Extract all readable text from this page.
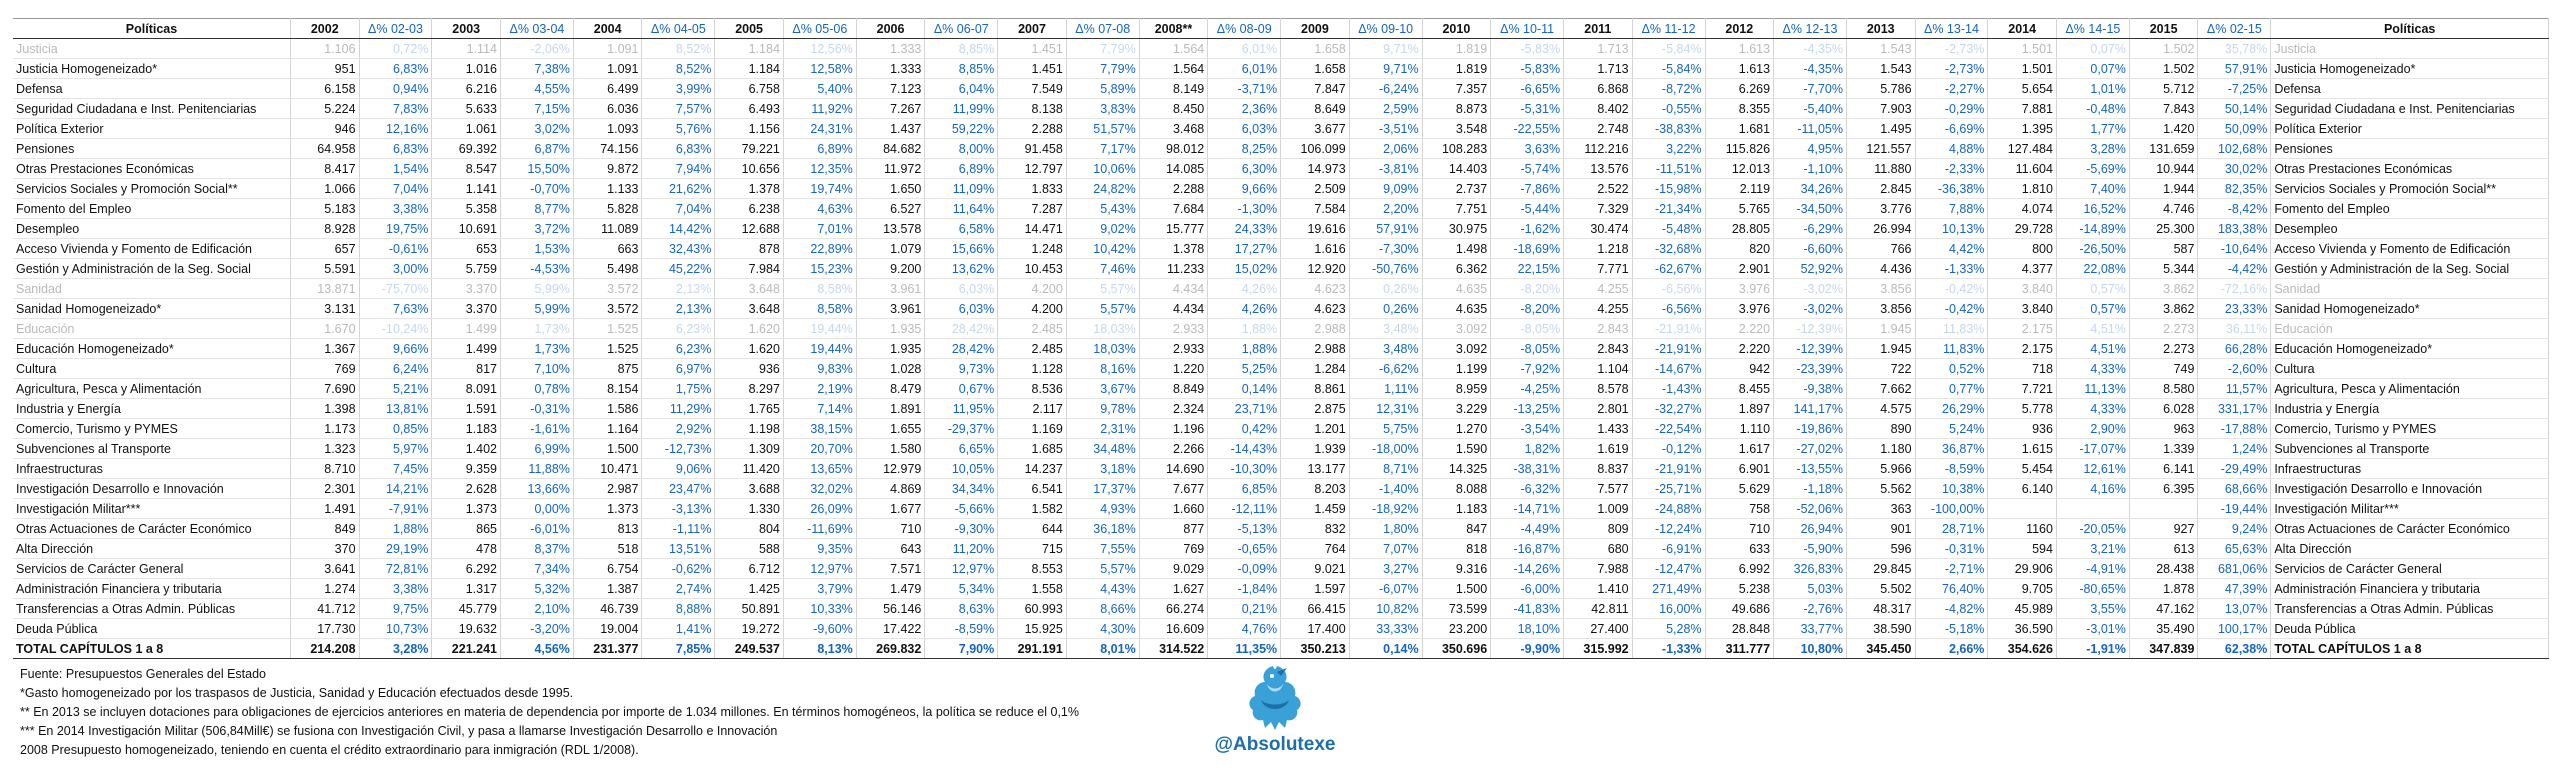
Políticas	2002	Δ% 02-03	2003	Δ% 03-04	2004	Δ% 04-05	2005	Δ% 05-06	2006	Δ% 06-07	2007	Δ% 07-08	2008**	Δ% 08-09	2009	Δ% 09-10	2010	Δ% 10-11	2011	Δ% 11-12	2012	Δ% 12-13	2013	Δ% 13-14	2014	Δ% 14-15	2015	Δ% 02-15	Políticas
Justicia	1.106	0,72%	1.114	-2,06%	1.091	8,52%	1.184	12,56%	1.333	8,85%	1.451	7,79%	1.564	6,01%	1.658	9,71%	1.819	-5,83%	1.713	-5,84%	1.613	-4,35%	1.543	-2,73%	1.501	0,07%	1.502	35,78%	Justicia
Justicia Homogeneizado*	951	6,83%	1.016	7,38%	1.091	8,52%	1.184	12,58%	1.333	8,85%	1.451	7,79%	1.564	6,01%	1.658	9,71%	1.819	-5,83%	1.713	-5,84%	1.613	-4,35%	1.543	-2,73%	1.501	0,07%	1.502	57,91%	Justicia Homogeneizado*
Defensa	6.158	0,94%	6.216	4,55%	6.499	3,99%	6.758	5,40%	7.123	6,04%	7.549	5,89%	8.149	-3,71%	7.847	-6,24%	7.357	-6,65%	6.868	-8,72%	6.269	-7,70%	5.786	-2,27%	5.654	1,01%	5.712	-7,25%	Defensa
Seguridad Ciudadana e Inst. Penitenciarias	5.224	7,83%	5.633	7,15%	6.036	7,57%	6.493	11,92%	7.267	11,99%	8.138	3,83%	8.450	2,36%	8.649	2,59%	8.873	-5,31%	8.402	-0,55%	8.355	-5,40%	7.903	-0,29%	7.881	-0,48%	7.843	50,14%	Seguridad Ciudadana e Inst. Penitenciarias
Política Exterior	946	12,16%	1.061	3,02%	1.093	5,76%	1.156	24,31%	1.437	59,22%	2.288	51,57%	3.468	6,03%	3.677	-3,51%	3.548	-22,55%	2.748	-38,83%	1.681	-11,05%	1.495	-6,69%	1.395	1,77%	1.420	50,09%	Política Exterior
Pensiones	64.958	6,83%	69.392	6,87%	74.156	6,83%	79.221	6,89%	84.682	8,00%	91.458	7,17%	98.012	8,25%	106.099	2,06%	108.283	3,63%	112.216	3,22%	115.826	4,95%	121.557	4,88%	127.484	3,28%	131.659	102,68%	Pensiones
Otras Prestaciones Económicas	8.417	1,54%	8.547	15,50%	9.872	7,94%	10.656	12,35%	11.972	6,89%	12.797	10,06%	14.085	6,30%	14.973	-3,81%	14.403	-5,74%	13.576	-11,51%	12.013	-1,10%	11.880	-2,33%	11.604	-5,69%	10.944	30,02%	Otras Prestaciones Económicas
Servicios Sociales y Promoción Social**	1.066	7,04%	1.141	-0,70%	1.133	21,62%	1.378	19,74%	1.650	11,09%	1.833	24,82%	2.288	9,66%	2.509	9,09%	2.737	-7,86%	2.522	-15,98%	2.119	34,26%	2.845	-36,38%	1.810	7,40%	1.944	82,35%	Servicios Sociales y Promoción Social**
Fomento del Empleo	5.183	3,38%	5.358	8,77%	5.828	7,04%	6.238	4,63%	6.527	11,64%	7.287	5,43%	7.684	-1,30%	7.584	2,20%	7.751	-5,44%	7.329	-21,34%	5.765	-34,50%	3.776	7,88%	4.074	16,52%	4.746	-8,42%	Fomento del Empleo
Desempleo	8.928	19,75%	10.691	3,72%	11.089	14,42%	12.688	7,01%	13.578	6,58%	14.471	9,02%	15.777	24,33%	19.616	57,91%	30.975	-1,62%	30.474	-5,48%	28.805	-6,29%	26.994	10,13%	29.728	-14,89%	25.300	183,38%	Desempleo
Acceso Vivienda y Fomento de Edificación	657	-0,61%	653	1,53%	663	32,43%	878	22,89%	1.079	15,66%	1.248	10,42%	1.378	17,27%	1.616	-7,30%	1.498	-18,69%	1.218	-32,68%	820	-6,60%	766	4,42%	800	-26,50%	587	-10,64%	Acceso Vivienda y Fomento de Edificación
Gestión y Administración de la Seg. Social	5.591	3,00%	5.759	-4,53%	5.498	45,22%	7.984	15,23%	9.200	13,62%	10.453	7,46%	11.233	15,02%	12.920	-50,76%	6.362	22,15%	7.771	-62,67%	2.901	52,92%	4.436	-1,33%	4.377	22,08%	5.344	-4,42%	Gestión y Administración de la Seg. Social
Sanidad	13.871	-75,70%	3.370	5,99%	3.572	2,13%	3.648	8,58%	3.961	6,03%	4.200	5,57%	4.434	4,26%	4.623	0,26%	4.635	-8,20%	4.255	-6,56%	3.976	-3,02%	3.856	-0,42%	3.840	0,57%	3.862	-72,16%	Sanidad
Sanidad Homogeneizado*	3.131	7,63%	3.370	5,99%	3.572	2,13%	3.648	8,58%	3.961	6,03%	4.200	5,57%	4.434	4,26%	4.623	0,26%	4.635	-8,20%	4.255	-6,56%	3.976	-3,02%	3.856	-0,42%	3.840	0,57%	3.862	23,33%	Sanidad Homogeneizado*
Educación	1.670	-10,24%	1.499	1,73%	1.525	6,23%	1.620	19,44%	1.935	28,42%	2.485	18,03%	2.933	1,88%	2.988	3,48%	3.092	-8,05%	2.843	-21,91%	2.220	-12,39%	1.945	11,83%	2.175	4,51%	2.273	36,11%	Educación
Educación Homogeneizado*	1.367	9,66%	1.499	1,73%	1.525	6,23%	1.620	19,44%	1.935	28,42%	2.485	18,03%	2.933	1,88%	2.988	3,48%	3.092	-8,05%	2.843	-21,91%	2.220	-12,39%	1.945	11,83%	2.175	4,51%	2.273	66,28%	Educación Homogeneizado*
Cultura	769	6,24%	817	7,10%	875	6,97%	936	9,83%	1.028	9,73%	1.128	8,16%	1.220	5,25%	1.284	-6,62%	1.199	-7,92%	1.104	-14,67%	942	-23,39%	722	0,52%	718	4,33%	749	-2,60%	Cultura
Agricultura, Pesca y Alimentación	7.690	5,21%	8.091	0,78%	8.154	1,75%	8.297	2,19%	8.479	0,67%	8.536	3,67%	8.849	0,14%	8.861	1,11%	8.959	-4,25%	8.578	-1,43%	8.455	-9,38%	7.662	0,77%	7.721	11,13%	8.580	11,57%	Agricultura, Pesca y Alimentación
Industria y Energía	1.398	13,81%	1.591	-0,31%	1.586	11,29%	1.765	7,14%	1.891	11,95%	2.117	9,78%	2.324	23,71%	2.875	12,31%	3.229	-13,25%	2.801	-32,27%	1.897	141,17%	4.575	26,29%	5.778	4,33%	6.028	331,17%	Industria y Energía
Comercio, Turismo y PYMES	1.173	0,85%	1.183	-1,61%	1.164	2,92%	1.198	38,15%	1.655	-29,37%	1.169	2,31%	1.196	0,42%	1.201	5,75%	1.270	-3,54%	1.433	-22,54%	1.110	-19,86%	890	5,24%	936	2,90%	963	-17,88%	Comercio, Turismo y PYMES
Subvenciones al Transporte	1.323	5,97%	1.402	6,99%	1.500	-12,73%	1.309	20,70%	1.580	6,65%	1.685	34,48%	2.266	-14,43%	1.939	-18,00%	1.590	1,82%	1.619	-0,12%	1.617	-27,02%	1.180	36,87%	1.615	-17,07%	1.339	1,24%	Subvenciones al Transporte
Infraestructuras	8.710	7,45%	9.359	11,88%	10.471	9,06%	11.420	13,65%	12.979	10,05%	14.237	3,18%	14.690	-10,30%	13.177	8,71%	14.325	-38,31%	8.837	-21,91%	6.901	-13,55%	5.966	-8,59%	5.454	12,61%	6.141	-29,49%	Infraestructuras
Investigación Desarrollo e Innovación	2.301	14,21%	2.628	13,66%	2.987	23,47%	3.688	32,02%	4.869	34,34%	6.541	17,37%	7.677	6,85%	8.203	-1,40%	8.088	-6,32%	7.577	-25,71%	5.629	-1,18%	5.562	10,38%	6.140	4,16%	6.395	68,66%	Investigación Desarrollo e Innovación
Investigación Militar***	1.491	-7,91%	1.373	0,00%	1.373	-3,13%	1.330	26,09%	1.677	-5,66%	1.582	4,93%	1.660	-12,11%	1.459	-18,92%	1.183	-14,71%	1.009	-24,88%	758	-52,06%	363	-100,00%				-19,44%	Investigación Militar***
Otras Actuaciones de Carácter Económico	849	1,88%	865	-6,01%	813	-1,11%	804	-11,69%	710	-9,30%	644	36,18%	877	-5,13%	832	1,80%	847	-4,49%	809	-12,24%	710	26,94%	901	28,71%	1160	-20,05%	927	9,24%	Otras Actuaciones de Carácter Económico
Alta Dirección	370	29,19%	478	8,37%	518	13,51%	588	9,35%	643	11,20%	715	7,55%	769	-0,65%	764	7,07%	818	-16,87%	680	-6,91%	633	-5,90%	596	-0,31%	594	3,21%	613	65,63%	Alta Dirección
Servicios de Carácter General	3.641	72,81%	6.292	7,34%	6.754	-0,62%	6.712	12,97%	7.571	12,97%	8.553	5,57%	9.029	-0,09%	9.021	3,27%	9.316	-14,26%	7.988	-12,47%	6.992	326,83%	29.845	-2,71%	29.906	-4,91%	28.438	681,06%	Servicios de Carácter General
Administración Financiera y tributaria	1.274	3,38%	1.317	5,32%	1.387	2,74%	1.425	3,79%	1.479	5,34%	1.558	4,43%	1.627	-1,84%	1.597	-6,07%	1.500	-6,00%	1.410	271,49%	5.238	5,03%	5.502	76,40%	9.705	-80,65%	1.878	47,39%	Administración Financiera y tributaria
Transferencias a Otras Admin. Públicas	41.712	9,75%	45.779	2,10%	46.739	8,88%	50.891	10,33%	56.146	8,63%	60.993	8,66%	66.274	0,21%	66.415	10,82%	73.599	-41,83%	42.811	16,00%	49.686	-2,76%	48.317	-4,82%	45.989	3,55%	47.162	13,07%	Transferencias a Otras Admin. Públicas
Deuda Pública	17.730	10,73%	19.632	-3,20%	19.004	1,41%	19.272	-9,60%	17.422	-8,59%	15.925	4,30%	16.609	4,76%	17.400	33,33%	23.200	18,10%	27.400	5,28%	28.848	33,77%	38.590	-5,18%	36.590	-3,01%	35.490	100,17%	Deuda Pública
TOTAL CAPÍTULOS 1 a 8	214.208	3,28%	221.241	4,56%	231.377	7,85%	249.537	8,13%	269.832	7,90%	291.191	8,01%	314.522	11,35%	350.213	0,14%	350.696	-9,90%	315.992	-1,33%	311.777	10,80%	345.450	2,66%	354.626	-1,91%	347.839	62,38%	TOTAL CAPÍTULOS 1 a 8
Fuente: Presupuestos Generales del Estado
*Gasto homogeneizado por los traspasos de Justicia, Sanidad y Educación efectuados desde 1995.
** En 2013 se incluyen dotaciones para obligaciones de ejercicios anteriores en materia de dependencia por importe de 1.034 millones. En términos homogéneos, la política se reduce el 0,1%
*** En 2014 Investigación Militar (506,84Mill€) se fusiona con Investigación Civil, y pasa a llamarse Investigación Desarrollo e Innovación
2008 Presupuesto homogeneizado, teniendo en cuenta el crédito extraordinario para inmigración (RDL 1/2008).	@Absolutexe
